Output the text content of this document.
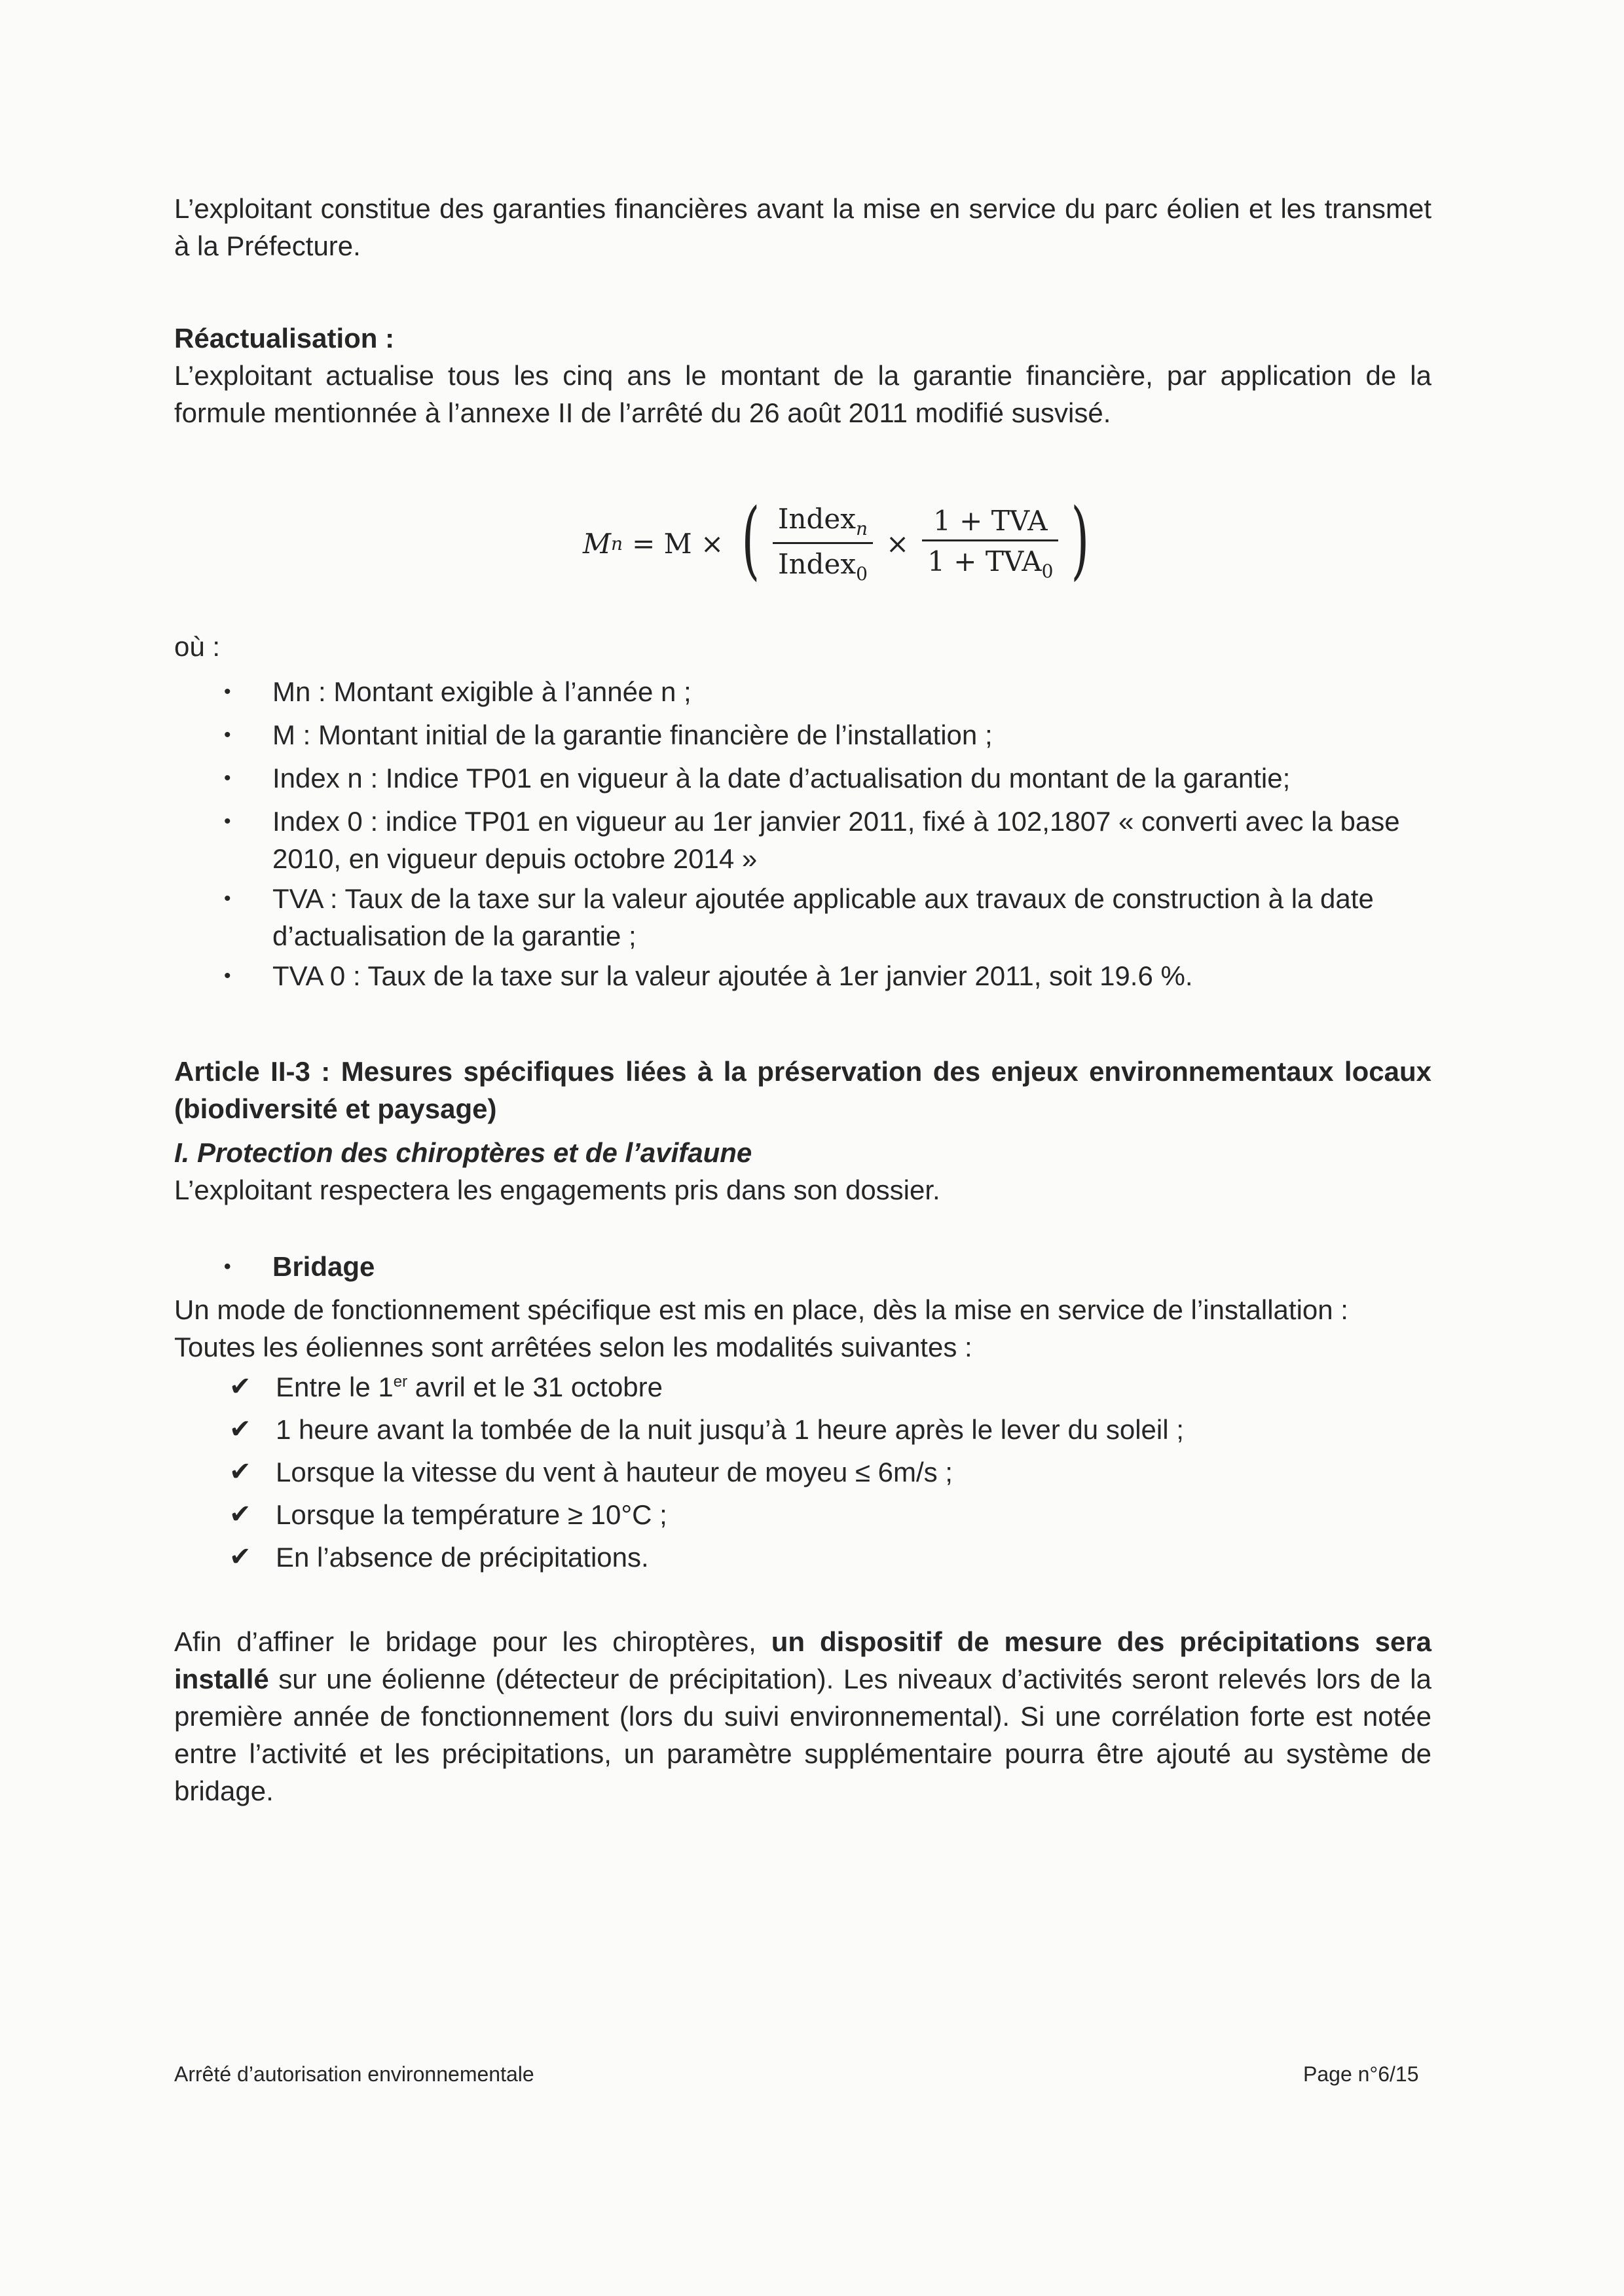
L’exploitant constitue des garanties financières avant la mise en service du parc éolien et les transmet à la Préfecture.

Réactualisation :

L’exploitant actualise tous les cinq ans le montant de la garantie financière, par application de la formule mentionnée à l’annexe II de l’arrêté du 26 août 2011 modifié susvisé.

où :

• Mn : Montant exigible à l’année n ;
• M : Montant initial de la garantie financière de l’installation ;
• Index n : Indice TP01 en vigueur à la date d’actualisation du montant de la garantie;
• Index 0 : indice TP01 en vigueur au 1er janvier 2011, fixé à 102,1807 « converti avec la base 2010, en vigueur depuis octobre 2014 »
• TVA : Taux de la taxe sur la valeur ajoutée applicable aux travaux de construction à la date d’actualisation de la garantie ;
• TVA 0 : Taux de la taxe sur la valeur ajoutée à 1er janvier 2011, soit 19.6 %.

Article II-3 : Mesures spécifiques liées à la préservation des enjeux environnementaux locaux (biodiversité et paysage)

I. Protection des chiroptères et de l’avifaune

L’exploitant respectera les engagements pris dans son dossier.

• Bridage

Un mode de fonctionnement spécifique est mis en place, dès la mise en service de l’installation :

Toutes les éoliennes sont arrêtées selon les modalités suivantes :

✔ Entre le 1er avril et le 31 octobre
✔ 1 heure avant la tombée de la nuit jusqu’à 1 heure après le lever du soleil ;
✔ Lorsque la vitesse du vent à hauteur de moyeu ≤ 6m/s ;
✔ Lorsque la température ≥ 10°C ;
✔ En l’absence de précipitations.

Afin d’affiner le bridage pour les chiroptères, un dispositif de mesure des précipitations sera installé sur une éolienne (détecteur de précipitation). Les niveaux d’activités seront relevés lors de la première année de fonctionnement (lors du suivi environnemental). Si une corrélation forte est notée entre l’activité et les précipitations, un paramètre supplémentaire pourra être ajouté au système de bridage.

M n = M × ( $\frac{Index_n}{Index_0} \times \frac{\text{1 + TVA}}{1 + TVA_0}$ )
Arrêté d’autorisation environnementale	Page n°6/15
